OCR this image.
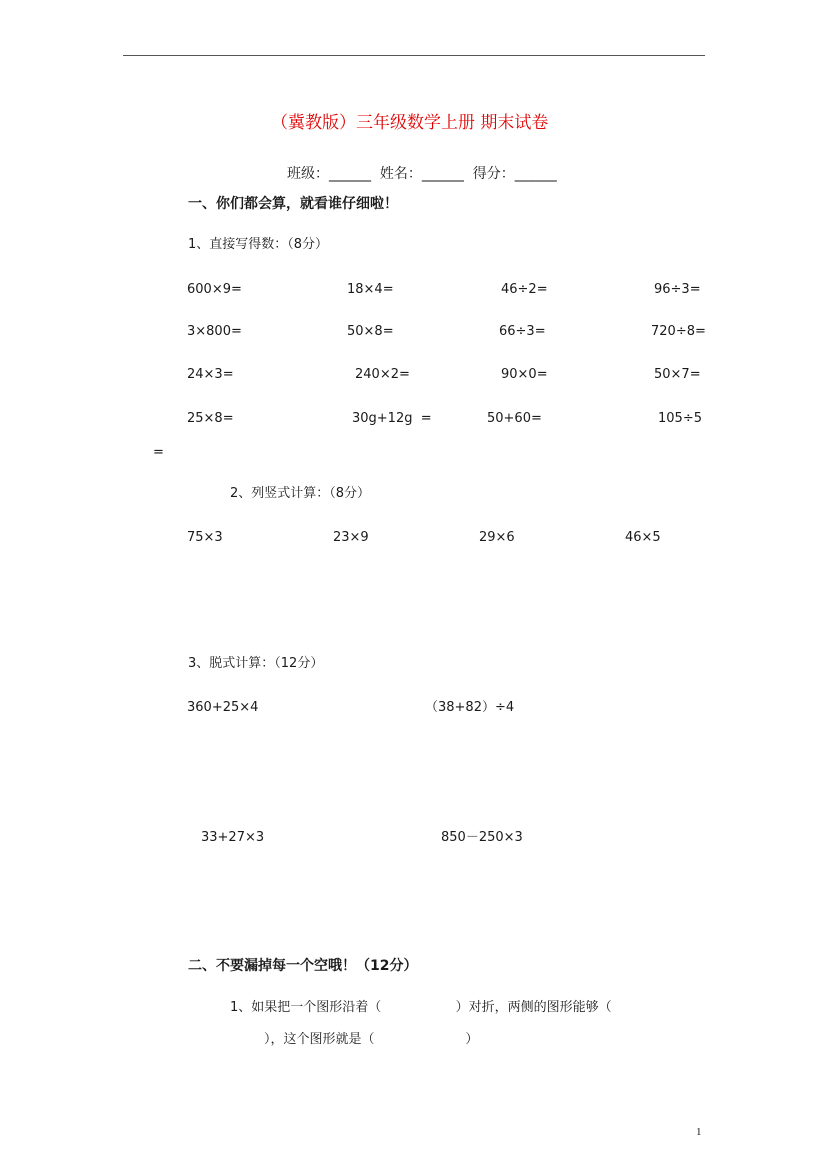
（冀教版）三年级数学上册 期末试卷
班级：______  姓名：______  得分：______
一、你们都会算，就看谁仔细啦！
1、直接写得数：（8分）
600×9=	18×4=	46÷2=	96÷3=
3×800=	50×8=	66÷3=	720÷8=
24×3=	240×2=	90×0=	50×7=
25×8=	30g+12g  =	50+60=	105÷5
=
2、列竖式计算：（8分）
75×3	23×9	29×6	46×5
3、脱式计算：（12分）
360+25×4	（38+82）÷4
33+27×3	850－250×3
二、不要漏掉每一个空哦！（12分）
1、如果把一个图形沿着（                  ）对折，两侧的图形能够（
），这个图形就是（                      ）
1
